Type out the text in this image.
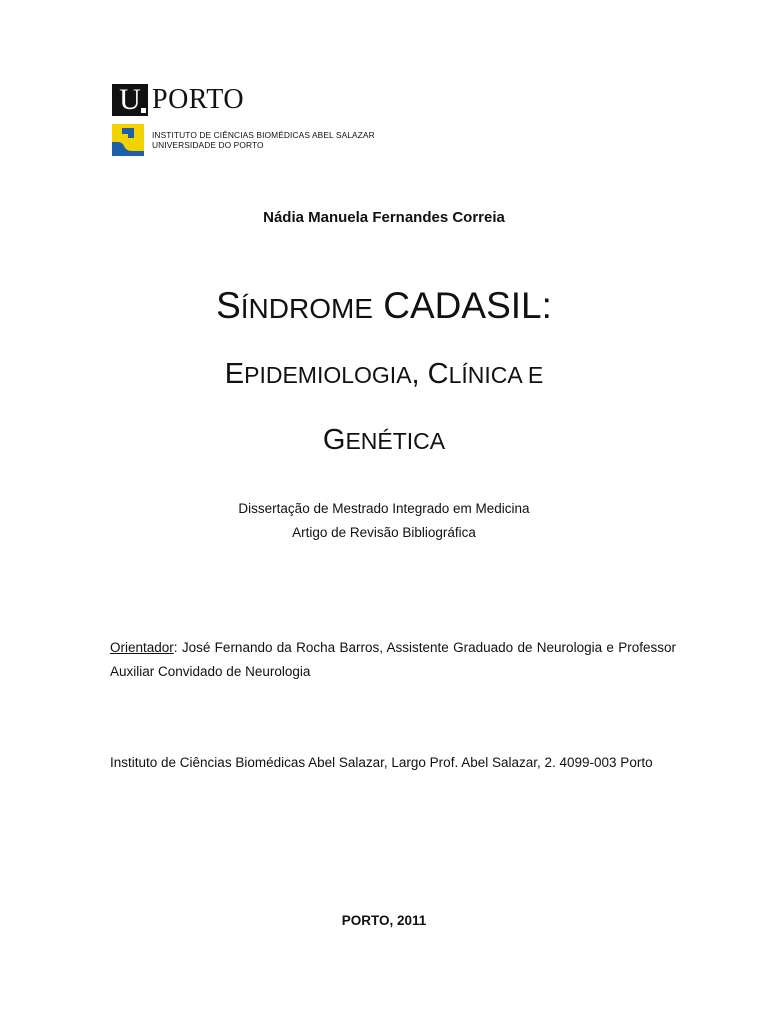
U PORTO
INSTITUTO DE CIÊNCIAS BIOMÉDICAS ABEL SALAZAR
UNIVERSIDADE DO PORTO
Nádia Manuela Fernandes Correia
SÍNDROME CADASIL:
EPIDEMIOLOGIA, CLÍNICA E
GENÉTICA
Dissertação de Mestrado Integrado em Medicina
Artigo de Revisão Bibliográfica
Orientador: José Fernando da Rocha Barros, Assistente Graduado de Neurologia e Professor Auxiliar Convidado de Neurologia
Instituto de Ciências Biomédicas Abel Salazar, Largo Prof. Abel Salazar, 2. 4099-003 Porto
PORTO, 2011
